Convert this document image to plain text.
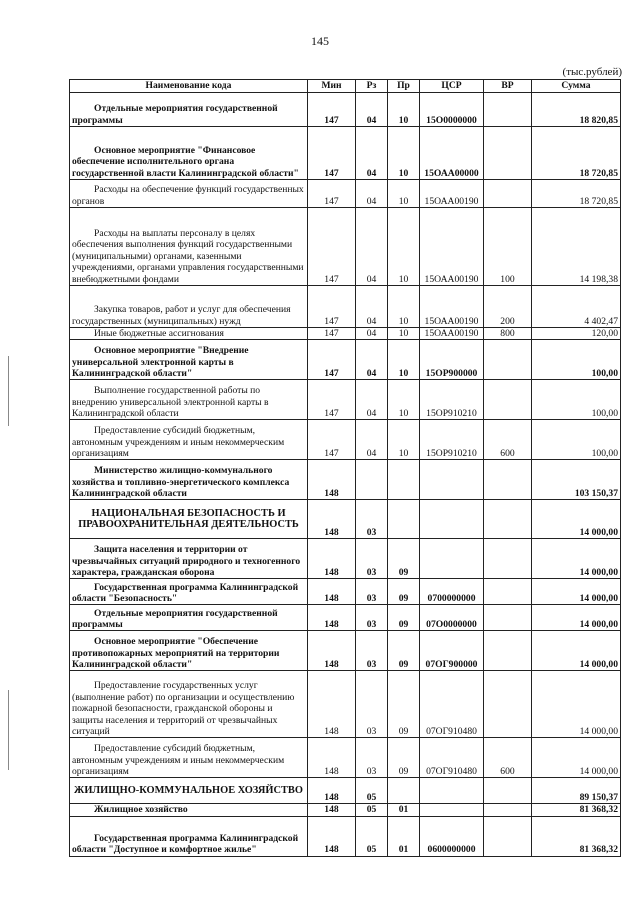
145
(тыс.рублей)
Наименование кода	Мин	Рз	Пр	ЦСР	ВР	Сумма
Отдельные мероприятия государственной программы	147	04	10	15О0000000		18 820,85
Основное мероприятие "Финансовое обеспечение исполнительного органа государственной власти Калининградской области"	147	04	10	15ОАА00000		18 720,85
Расходы на обеспечение функций государственных органов	147	04	10	15ОАА00190		18 720,85
Расходы на выплаты персоналу в целях обеспечения выполнения функций государственными (муниципальными) органами, казенными учреждениями, органами управления государственными внебюджетными фондами	147	04	10	15ОАА00190	100	14 198,38
Закупка товаров, работ и услуг для обеспечения государственных (муниципальных) нужд	147	04	10	15ОАА00190	200	4 402,47
Иные бюджетные ассигнования	147	04	10	15ОАА00190	800	120,00
Основное мероприятие "Внедрение универсальной электронной карты в Калининградской области"	147	04	10	15ОР900000		100,00
Выполнение государственной работы по внедрению универсальной электронной карты в Калининградской области	147	04	10	15ОР910210		100,00
Предоставление субсидий бюджетным, автономным учреждениям и иным некоммерческим организациям	147	04	10	15ОР910210	600	100,00
Министерство жилищно-коммунального хозяйства и топливно-энергетического комплекса Калининградской области	148					103 150,37
НАЦИОНАЛЬНАЯ БЕЗОПАСНОСТЬ И ПРАВООХРАНИТЕЛЬНАЯ ДЕЯТЕЛЬНОСТЬ	148	03				14 000,00
Защита населения и территории от чрезвычайных ситуаций природного и техногенного характера, гражданская оборона	148	03	09			14 000,00
Государственная программа Калининградской области "Безопасность"	148	03	09	0700000000		14 000,00
Отдельные мероприятия государственной программы	148	03	09	07О0000000		14 000,00
Основное мероприятие "Обеспечение противопожарных мероприятий на территории Калининградской области"	148	03	09	07ОГ900000		14 000,00
Предоставление государственных услуг (выполнение работ) по организации и осуществлению пожарной безопасности, гражданской обороны и защиты населения и территорий от чрезвычайных ситуаций	148	03	09	07ОГ910480		14 000,00
Предоставление субсидий бюджетным, автономным учреждениям и иным некоммерческим организациям	148	03	09	07ОГ910480	600	14 000,00
ЖИЛИЩНО-КОММУНАЛЬНОЕ ХОЗЯЙСТВО	148	05				89 150,37
Жилищное хозяйство	148	05	01			81 368,32
Государственная программа Калининградской области "Доступное и комфортное жилье"	148	05	01	0600000000		81 368,32
